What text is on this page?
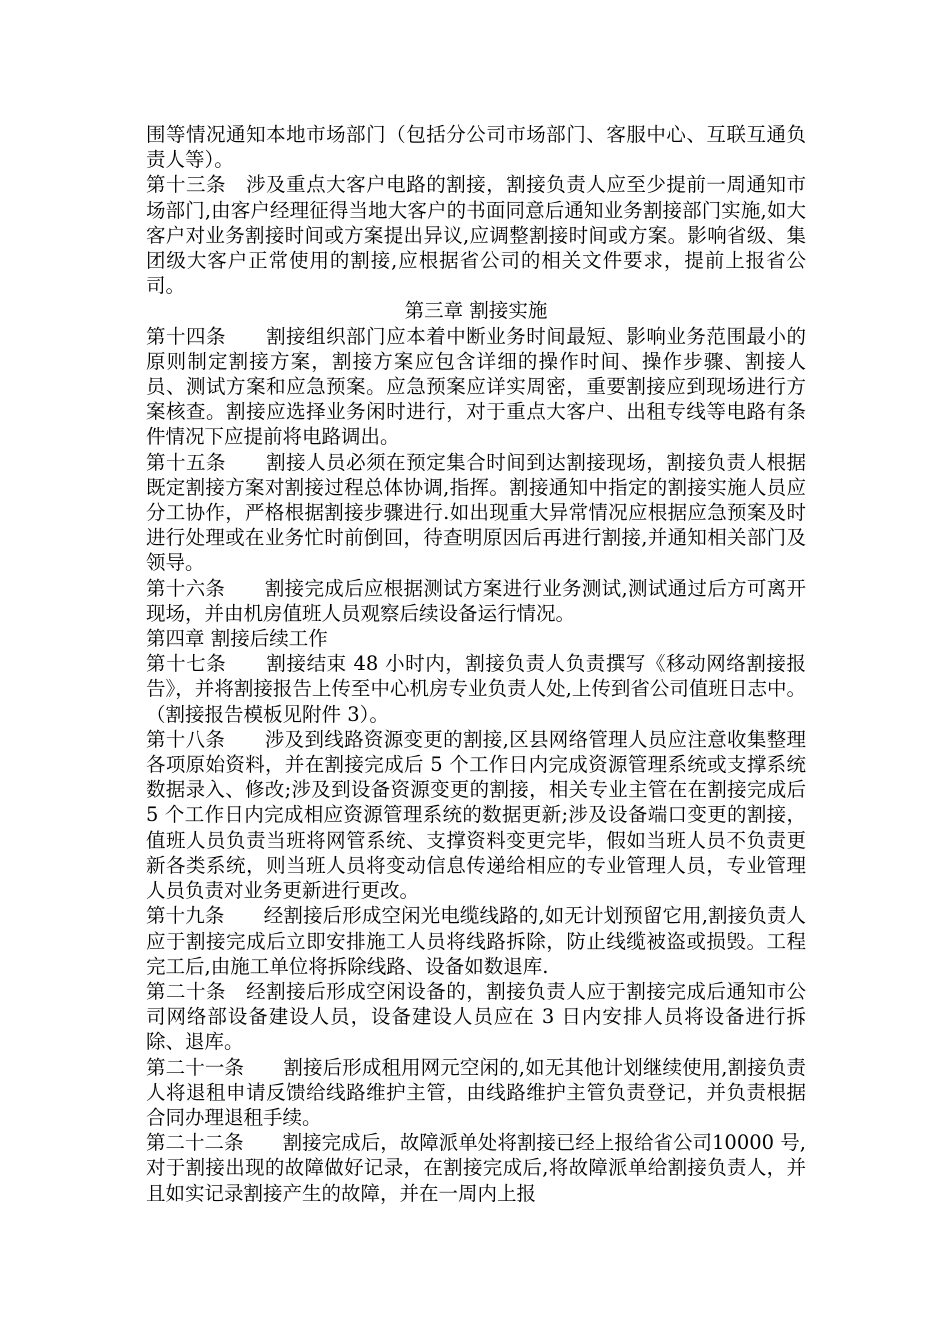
围等情况通知本地市场部门（包括分公司市场部门、客服中心、互联互通负责人等）。

第十三条　涉及重点大客户电路的割接，割接负责人应至少提前一周通知市场部门,由客户经理征得当地大客户的书面同意后通知业务割接部门实施,如大客户对业务割接时间或方案提出异议,应调整割接时间或方案。影响省级、集团级大客户正常使用的割接,应根据省公司的相关文件要求，提前上报省公司。

第三章 割接实施

第十四条　　割接组织部门应本着中断业务时间最短、影响业务范围最小的原则制定割接方案，割接方案应包含详细的操作时间、操作步骤、割接人员、测试方案和应急预案。应急预案应详实周密，重要割接应到现场进行方案核查。割接应选择业务闲时进行，对于重点大客户、出租专线等电路有条件情况下应提前将电路调出。

第十五条　　割接人员必须在预定集合时间到达割接现场，割接负责人根据既定割接方案对割接过程总体协调,指挥。割接通知中指定的割接实施人员应分工协作，严格根据割接步骤进行.如出现重大异常情况应根据应急预案及时进行处理或在业务忙时前倒回，待查明原因后再进行割接,并通知相关部门及领导。

第十六条　　割接完成后应根据测试方案进行业务测试,测试通过后方可离开现场，并由机房值班人员观察后续设备运行情况。

第四章 割接后续工作

第十七条　　割接结束 48 小时内，割接负责人负责撰写《移动网络割接报告》，并将割接报告上传至中心机房专业负责人处,上传到省公司值班日志中。（割接报告模板见附件 3）。

第十八条　　涉及到线路资源变更的割接,区县网络管理人员应注意收集整理各项原始资料，并在割接完成后 5 个工作日内完成资源管理系统或支撑系统数据录入、修改;涉及到设备资源变更的割接，相关专业主管在在割接完成后 5 个工作日内完成相应资源管理系统的数据更新;涉及设备端口变更的割接，值班人员负责当班将网管系统、支撑资料变更完毕，假如当班人员不负责更新各类系统，则当班人员将变动信息传递给相应的专业管理人员，专业管理人员负责对业务更新进行更改。

第十九条　　经割接后形成空闲光电缆线路的,如无计划预留它用,割接负责人应于割接完成后立即安排施工人员将线路拆除，防止线缆被盗或损毁。工程完工后,由施工单位将拆除线路、设备如数退库.

第二十条　经割接后形成空闲设备的，割接负责人应于割接完成后通知市公司网络部设备建设人员，设备建设人员应在 3 日内安排人员将设备进行拆除、退库。

第二十一条　　割接后形成租用网元空闲的,如无其他计划继续使用,割接负责人将退租申请反馈给线路维护主管，由线路维护主管负责登记，并负责根据合同办理退租手续。

第二十二条　　割接完成后，故障派单处将割接已经上报给省公司10000 号,对于割接出现的故障做好记录，在割接完成后,将故障派单给割接负责人，并且如实记录割接产生的故障，并在一周内上报
